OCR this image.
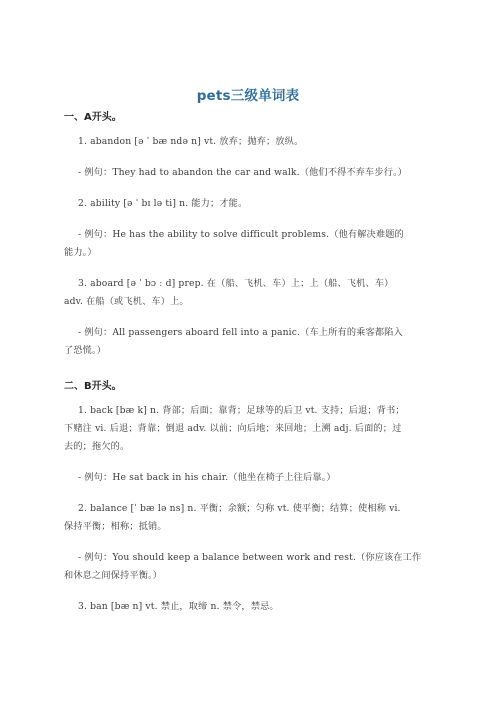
pets三级单词表
一、A开头。
1. abandon [ə ˈ bæ ndə n] vt. 放弃；抛弃；放纵。
- 例句：They had to abandon the car and walk.（他们不得不弃车步行。）
2. ability [ə ˈ bɪ lə ti] n. 能力；才能。
- 例句：He has the ability to solve difficult problems.（他有解决难题的
能力。）
3. aboard [ə ˈ bɔ ː d] prep. 在（船、飞机、车）上；上（船、飞机、车）
adv. 在船（或飞机、车）上。
- 例句：All passengers aboard fell into a panic.（车上所有的乘客都陷入
了恐慌。）
二、B开头。
1. back [bæ k] n. 背部；后面；靠背；足球等的后卫 vt. 支持；后退；背书；
下赌注 vi. 后退；背靠；倒退 adv. 以前；向后地；来回地；上溯 adj. 后面的；过
去的；拖欠的。
- 例句：He sat back in his chair.（他坐在椅子上往后靠。）
2. balance [ˈ bæ lə ns] n. 平衡；余额；匀称 vt. 使平衡；结算；使相称 vi.
保持平衡；相称；抵销。
- 例句：You should keep a balance between work and rest.（你应该在工作
和休息之间保持平衡。）
3. ban [bæ n] vt. 禁止，取缔 n. 禁令，禁忌。
